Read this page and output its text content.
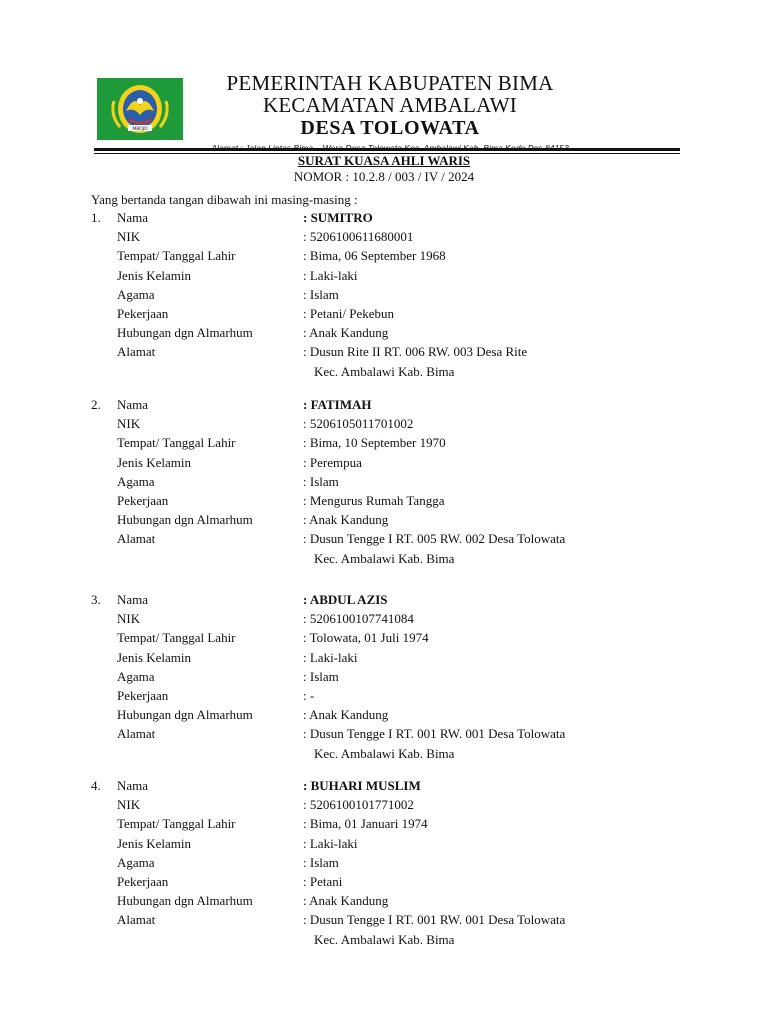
MBOJO
PEMERINTAH KABUPATEN BIMA
KECAMATAN AMBALAWI
DESA TOLOWATA
SURAT KUASA AHLI WARIS
NOMOR : 10.2.8 / 003 / IV / 2024
Yang bertanda tangan dibawah ini masing-masing :
1. Nama	: SUMITRO
NIK	: 5206100611680001
Tempat/ Tanggal Lahir	: Bima, 06 September 1968
Jenis Kelamin	: Laki-laki
Agama	: Islam
Pekerjaan	: Petani/ Pekebun
Hubungan dgn Almarhum	: Anak Kandung
Alamat	: Dusun Rite II RT. 006 RW. 003 Desa Rite
Kec. Ambalawi Kab. Bima
2. Nama	: FATIMAH
NIK	: 5206105011701002
Tempat/ Tanggal Lahir	: Bima, 10 September 1970
Jenis Kelamin	: Perempua
Agama	: Islam
Pekerjaan	: Mengurus Rumah Tangga
Hubungan dgn Almarhum	: Anak Kandung
Alamat	: Dusun Tengge I RT. 005 RW. 002 Desa Tolowata
Kec. Ambalawi Kab. Bima
3. Nama	: ABDUL AZIS
NIK	: 5206100107741084
Tempat/ Tanggal Lahir	: Tolowata, 01 Juli 1974
Jenis Kelamin	: Laki-laki
Agama	: Islam
Pekerjaan	: -
Hubungan dgn Almarhum	: Anak Kandung
Alamat	: Dusun Tengge I RT. 001 RW. 001 Desa Tolowata
Kec. Ambalawi Kab. Bima
4. Nama	: BUHARI MUSLIM
NIK	: 5206100101771002
Tempat/ Tanggal Lahir	: Bima, 01 Januari 1974
Jenis Kelamin	: Laki-laki
Agama	: Islam
Pekerjaan	: Petani
Hubungan dgn Almarhum	: Anak Kandung
Alamat	: Dusun Tengge I RT. 001 RW. 001 Desa Tolowata
Kec. Ambalawi Kab. Bima
